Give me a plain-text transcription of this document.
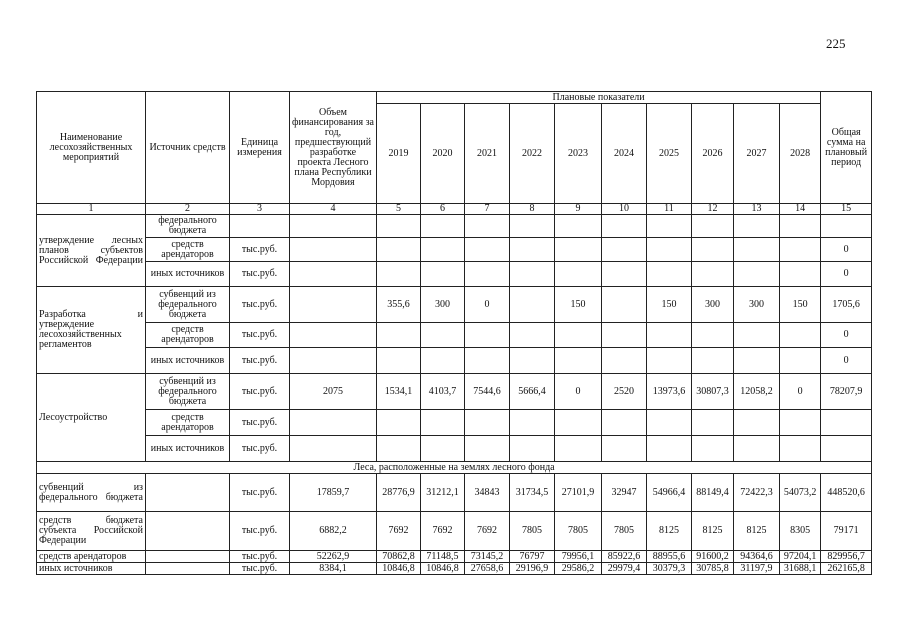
225
Наименование лесохозяйственных мероприятий	Источник средств	Единица измерения	Объем финансирования за год, предшествующий разработке проекта Лесного плана Республики Мордовия	Плановые показатели										Общая сумма на плановый период
				2019	2020	2021	2022	2023	2024	2025	2026	2027	2028	
1	2	3	4	5	6	7	8	9	10	11	12	13	14	15
утверждение лесных планов субъектов Российской Федерации	федерального бюджета													
	средств арендаторов	тыс.руб.												0
	иных источников	тыс.руб.												0
Разработка и утверждение лесохозяйственных регламентов	субвенций из федерального бюджета	тыс.руб.		355,6	300	0		150		150	300	300	150	1705,6
	средств арендаторов	тыс.руб.												0
	иных источников	тыс.руб.												0
Лесоустройство	субвенций из федерального бюджета	тыс.руб.	2075	1534,1	4103,7	7544,6	5666,4	0	2520	13973,6	30807,3	12058,2	0	78207,9
	средств арендаторов	тыс.руб.												
	иных источников	тыс.руб.												
Леса, расположенные на землях лесного фонда														
субвенций из федерального бюджета		тыс.руб.	17859,7	28776,9	31212,1	34843	31734,5	27101,9	32947	54966,4	88149,4	72422,3	54073,2	448520,6
средств бюджета субъекта Российской Федерации		тыс.руб.	6882,2	7692	7692	7692	7805	7805	7805	8125	8125	8125	8305	79171
средств арендаторов		тыс.руб.	52262,9	70862,8	71148,5	73145,2	76797	79956,1	85922,6	88955,6	91600,2	94364,6	97204,1	829956,7
иных источников		тыс.руб.	8384,1	10846,8	10846,8	27658,6	29196,9	29586,2	29979,4	30379,3	30785,8	31197,9	31688,1	262165,8
